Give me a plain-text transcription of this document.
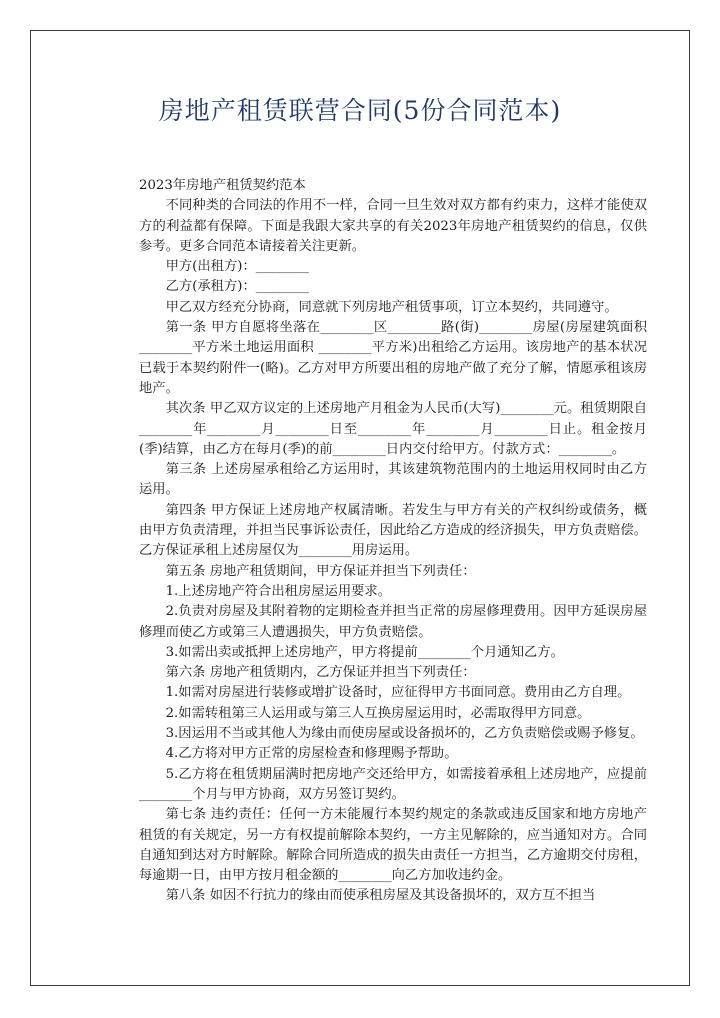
房地产租赁联营合同(5份合同范本)

2023年房地产租赁契约范本

不同种类的合同法的作用不一样，合同一旦生效对双方都有约束力，这样才能使双方的利益都有保障。下面是我跟大家共享的有关2023年房地产租赁契约的信息，仅供参考。更多合同范本请接着关注更新。

甲方(出租方)：________

乙方(承租方)：________

甲乙双方经充分协商，同意就下列房地产租赁事项，订立本契约，共同遵守。

第一条 甲方自愿将坐落在________区________路(街)________房屋(房屋建筑面积________平方米土地运用面积 ________平方米)出租给乙方运用。该房地产的基本状况已载于本契约附件一(略)。乙方对甲方所要出租的房地产做了充分了解，情愿承租该房地产。

其次条 甲乙双方议定的上述房地产月租金为人民币(大写)________元。租赁期限自________年________月________日至________年________月________日止。租金按月(季)结算，由乙方在每月(季)的前________日内交付给甲方。付款方式：________。

第三条 上述房屋承租给乙方运用时，其该建筑物范围内的土地运用权同时由乙方运用。

第四条 甲方保证上述房地产权属清晰。若发生与甲方有关的产权纠纷或债务，概由甲方负责清理，并担当民事诉讼责任，因此给乙方造成的经济损失，甲方负责赔偿。乙方保证承租上述房屋仅为________用房运用。

第五条 房地产租赁期间，甲方保证并担当下列责任：

1.上述房地产符合出租房屋运用要求。

2.负责对房屋及其附着物的定期检查并担当正常的房屋修理费用。因甲方延误房屋修理而使乙方或第三人遭遇损失，甲方负责赔偿。

3.如需出卖或抵押上述房地产，甲方将提前________个月通知乙方。

第六条 房地产租赁期内，乙方保证并担当下列责任：

1.如需对房屋进行装修或增扩设备时，应征得甲方书面同意。费用由乙方自理。

2.如需转租第三人运用或与第三人互换房屋运用时，必需取得甲方同意。

3.因运用不当或其他人为缘由而使房屋或设备损坏的，乙方负责赔偿或赐予修复。

4.乙方将对甲方正常的房屋检查和修理赐予帮助。

5.乙方将在租赁期届满时把房地产交还给甲方，如需接着承租上述房地产，应提前________个月与甲方协商，双方另签订契约。

第七条 违约责任：任何一方未能履行本契约规定的条款或违反国家和地方房地产租赁的有关规定，另一方有权提前解除本契约，一方主见解除的，应当通知对方。合同自通知到达对方时解除。解除合同所造成的损失由责任一方担当，乙方逾期交付房租，每逾期一日，由甲方按月租金额的________向乙方加收违约金。

第八条 如因不行抗力的缘由而使承租房屋及其设备损坏的，双方互不担当
